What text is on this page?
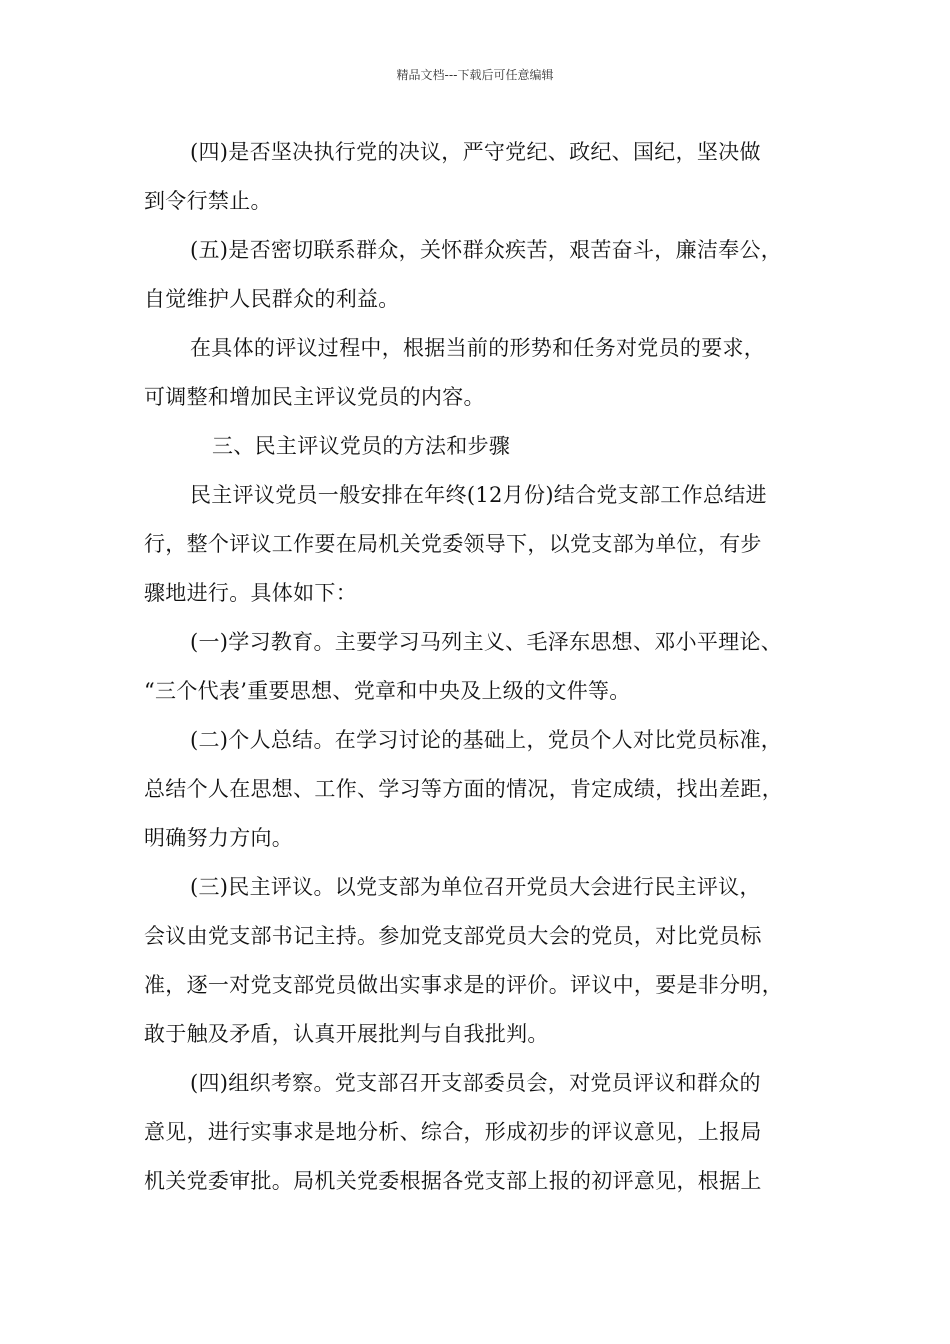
精品文档---下载后可任意编辑
(四)是否坚决执行党的决议，严守党纪、政纪、国纪，坚决做
到令行禁止。
(五)是否密切联系群众，关怀群众疾苦，艰苦奋斗，廉洁奉公，
自觉维护人民群众的利益。
在具体的评议过程中，根据当前的形势和任务对党员的要求，
可调整和增加民主评议党员的内容。
三、民主评议党员的方法和步骤
民主评议党员一般安排在年终(12月份)结合党支部工作总结进
行，整个评议工作要在局机关党委领导下，以党支部为单位，有步
骤地进行。具体如下：
(一)学习教育。主要学习马列主义、毛泽东思想、邓小平理论、
“三个代表’重要思想、党章和中央及上级的文件等。
(二)个人总结。在学习讨论的基础上，党员个人对比党员标准，
总结个人在思想、工作、学习等方面的情况，肯定成绩，找出差距，
明确努力方向。
(三)民主评议。以党支部为单位召开党员大会进行民主评议，
会议由党支部书记主持。参加党支部党员大会的党员，对比党员标
准，逐一对党支部党员做出实事求是的评价。评议中，要是非分明，
敢于触及矛盾，认真开展批判与自我批判。
(四)组织考察。党支部召开支部委员会，对党员评议和群众的
意见，进行实事求是地分析、综合，形成初步的评议意见，上报局
机关党委审批。局机关党委根据各党支部上报的初评意见，根据上
